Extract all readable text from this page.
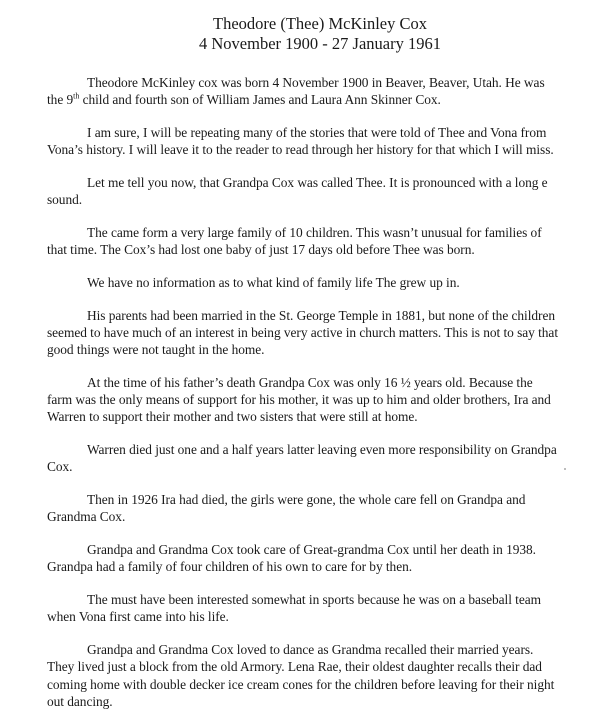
Theodore (Thee) McKinley Cox
4 November 1900 - 27 January 1961
Theodore McKinley cox was born 4 November 1900 in Beaver, Beaver, Utah. He was
the 9th child and fourth son of William James and Laura Ann Skinner Cox.
I am sure, I will be repeating many of the stories that were told of Thee and Vona from
Vona’s history. I will leave it to the reader to read through her history for that which I will miss.
Let me tell you now, that Grandpa Cox was called Thee. It is pronounced with a long e
sound.
The came form a very large family of 10 children. This wasn’t unusual for families of
that time. The Cox’s had lost one baby of just 17 days old before Thee was born.
We have no information as to what kind of family life The grew up in.
His parents had been married in the St. George Temple in 1881, but none of the children
seemed to have much of an interest in being very active in church matters. This is not to say that
good things were not taught in the home.
At the time of his father’s death Grandpa Cox was only 16 ½ years old. Because the
farm was the only means of support for his mother, it was up to him and older brothers, Ira and
Warren to support their mother and two sisters that were still at home.
Warren died just one and a half years latter leaving even more responsibility on Grandpa
Cox.
Then in 1926 Ira had died, the girls were gone, the whole care fell on Grandpa and
Grandma Cox.
Grandpa and Grandma Cox took care of Great-grandma Cox until her death in 1938.
Grandpa had a family of four children of his own to care for by then.
The must have been interested somewhat in sports because he was on a baseball team
when Vona first came into his life.
Grandpa and Grandma Cox loved to dance as Grandma recalled their married years.
They lived just a block from the old Armory. Lena Rae, their oldest daughter recalls their dad
coming home with double decker ice cream cones for the children before leaving for their night
out dancing.
